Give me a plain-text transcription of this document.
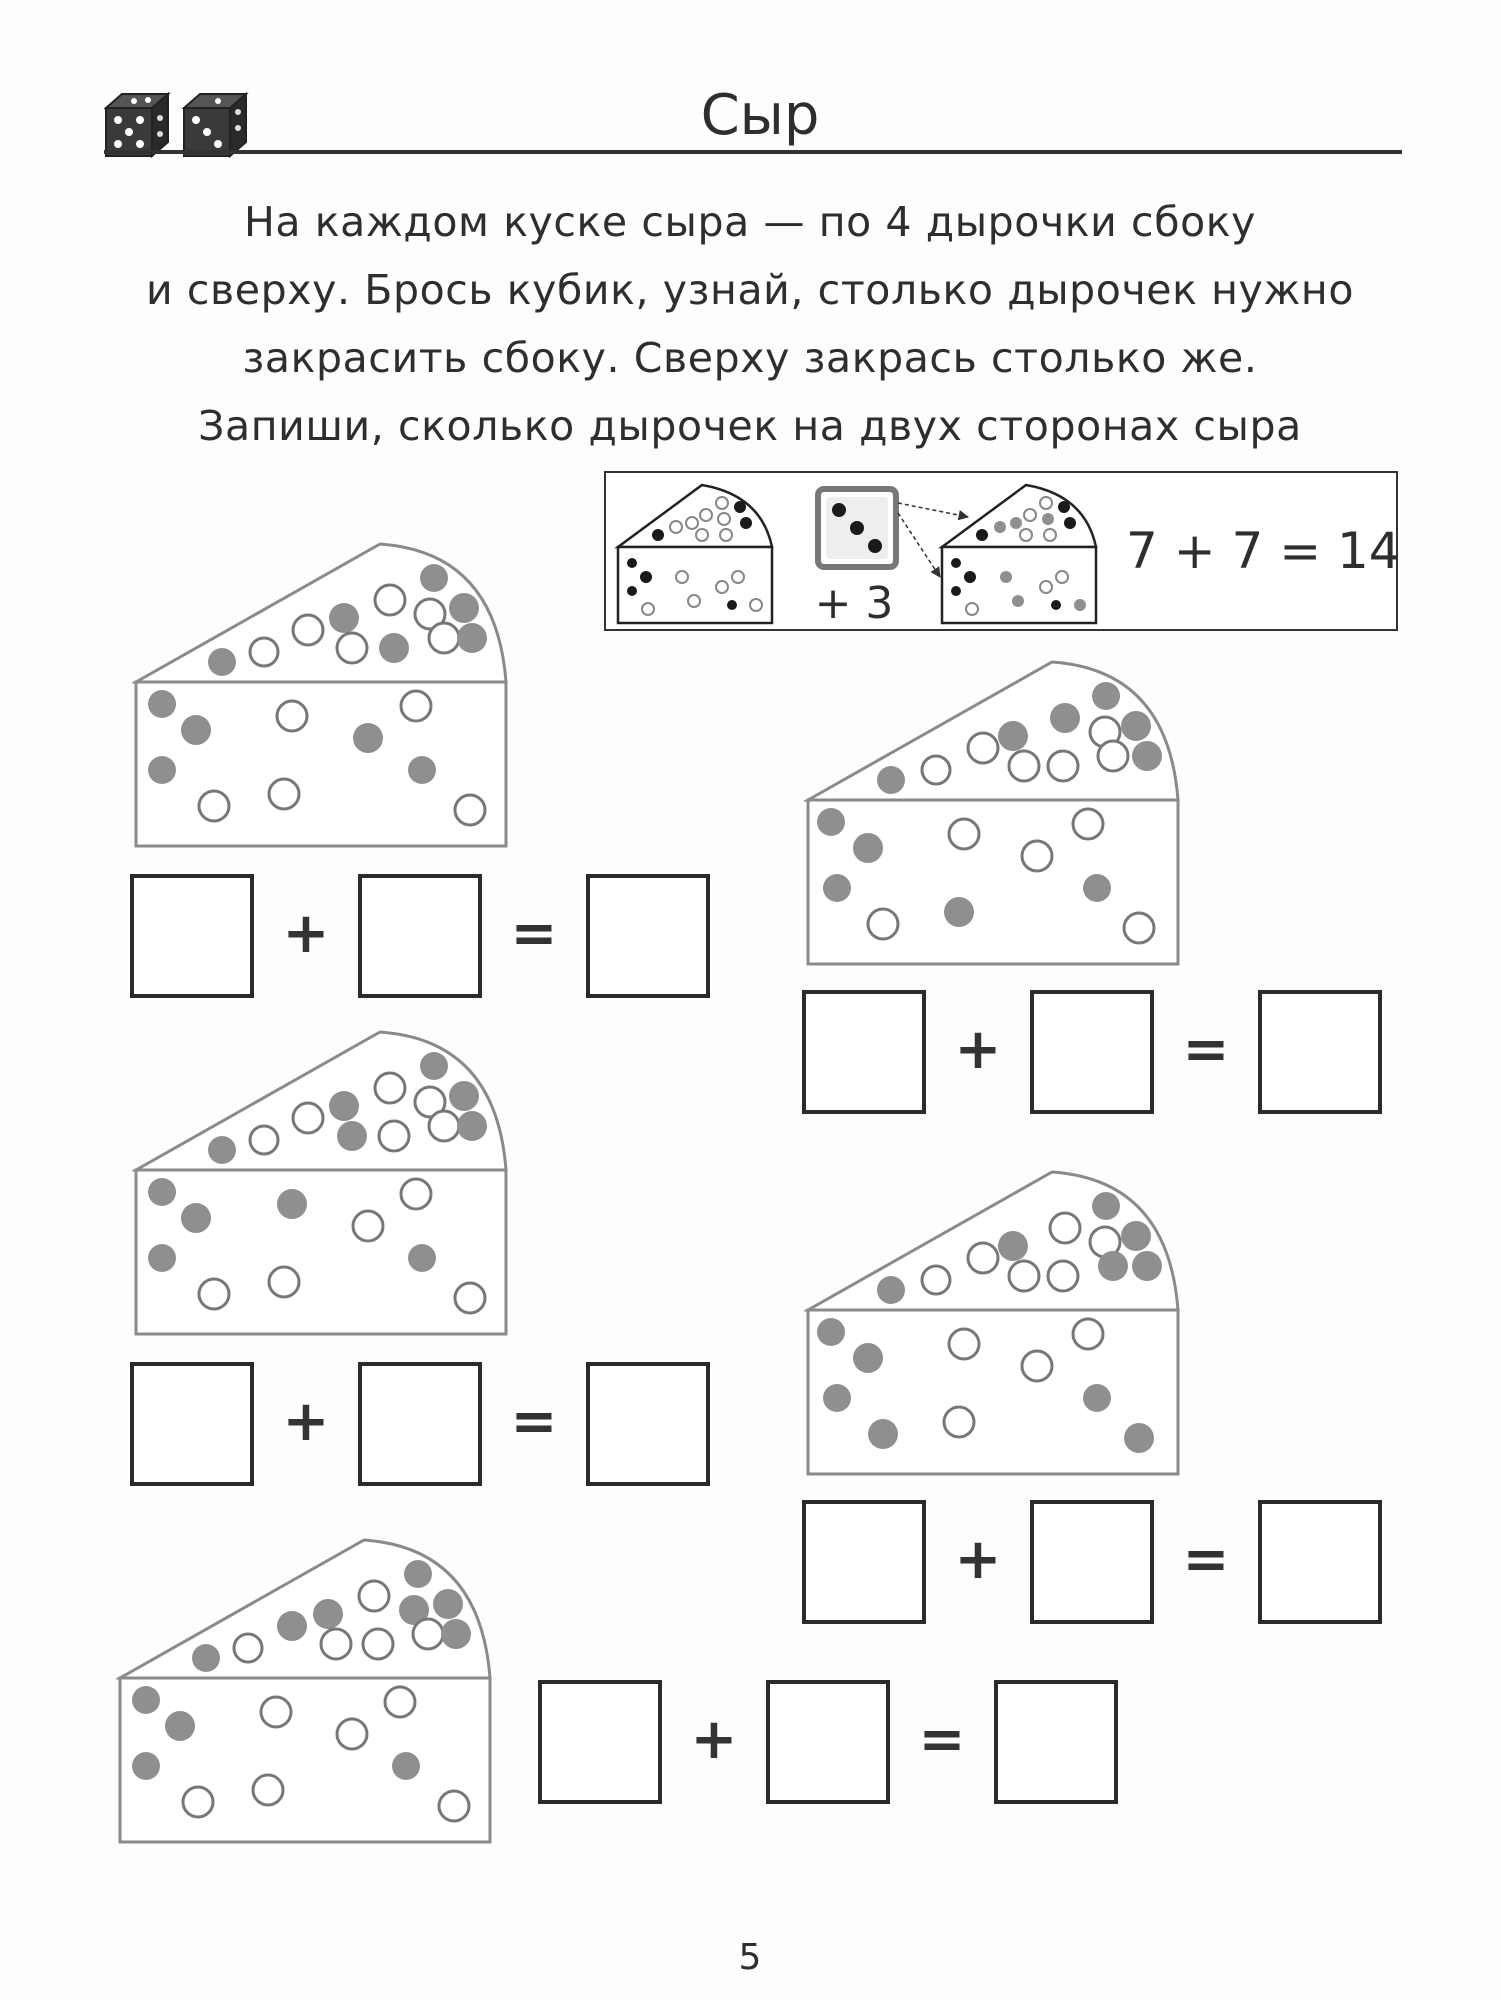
Сыр
На каждом куске сыра — по 4 дырочки сбоку
и сверху. Брось кубик, узнай, столько дырочек нужно
закрасить сбоку. Сверху закрась столько же.
Запиши, сколько дырочек на двух сторонах сыра
+ 3
7 + 7 = 14
+	=
+	=
+	=
+	=
+	=
5
